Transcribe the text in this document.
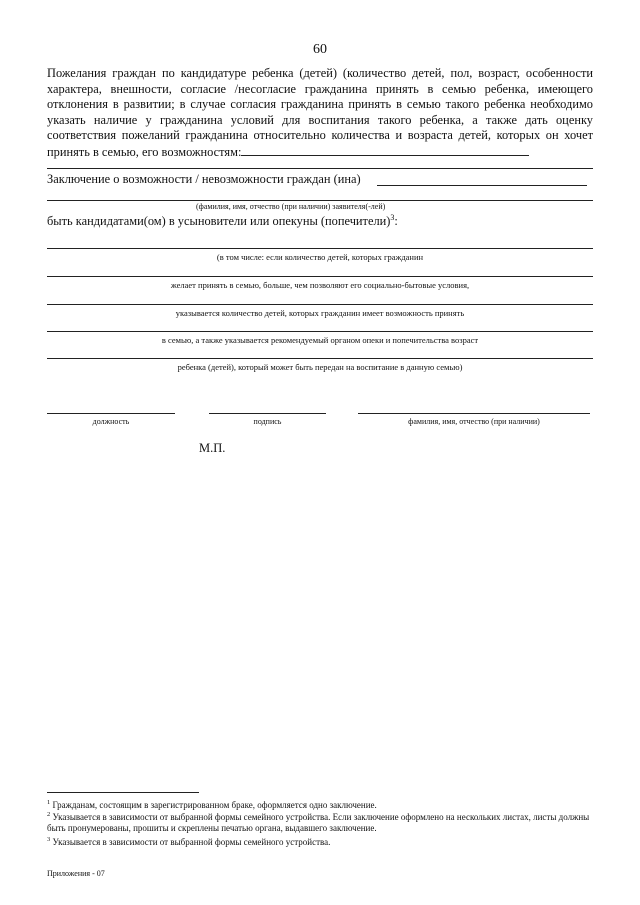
60
Пожелания граждан по кандидатуре ребенка (детей) (количество детей, пол, возраст, особенности характера, внешности, согласие /несогласие гражданина принять в семью ребенка, имеющего отклонения в развитии; в случае согласия гражданина принять в семью такого ребенка необходимо указать наличие у гражданина условий для воспитания такого ребенка, а также дать оценку соответствия пожеланий гражданина относительно количества и возраста детей, которых он хочет принять в семью, его возможностям:
Заключение о возможности / невозможности граждан (ина)
(фамилия, имя, отчество (при наличии) заявителя(-лей)
быть кандидатами(ом) в усыновители или опекуны (попечители)$^3$:
(в том числе: если количество детей, которых гражданин
желает принять в семью, больше, чем позволяют его социально-бытовые условия,
указывается количество детей, которых гражданин имеет возможность принять
в семью, а также указывается рекомендуемый органом опеки и попечительства возраст
ребенка (детей), который может быть передан на воспитание в данную семью)
должность	подпись	фамилия, имя, отчество (при наличии)
М.П.
$^1$ Гражданам, состоящим в зарегистрированном браке, оформляется одно заключение.
$^2$ Указывается в зависимости от выбранной формы семейного устройства. Если заключение оформлено на нескольких листах, листы должны быть пронумерованы, прошиты и скреплены печатью органа, выдавшего заключение.
$^3$ Указывается в зависимости от выбранной формы семейного устройства.
Приложения - 07
